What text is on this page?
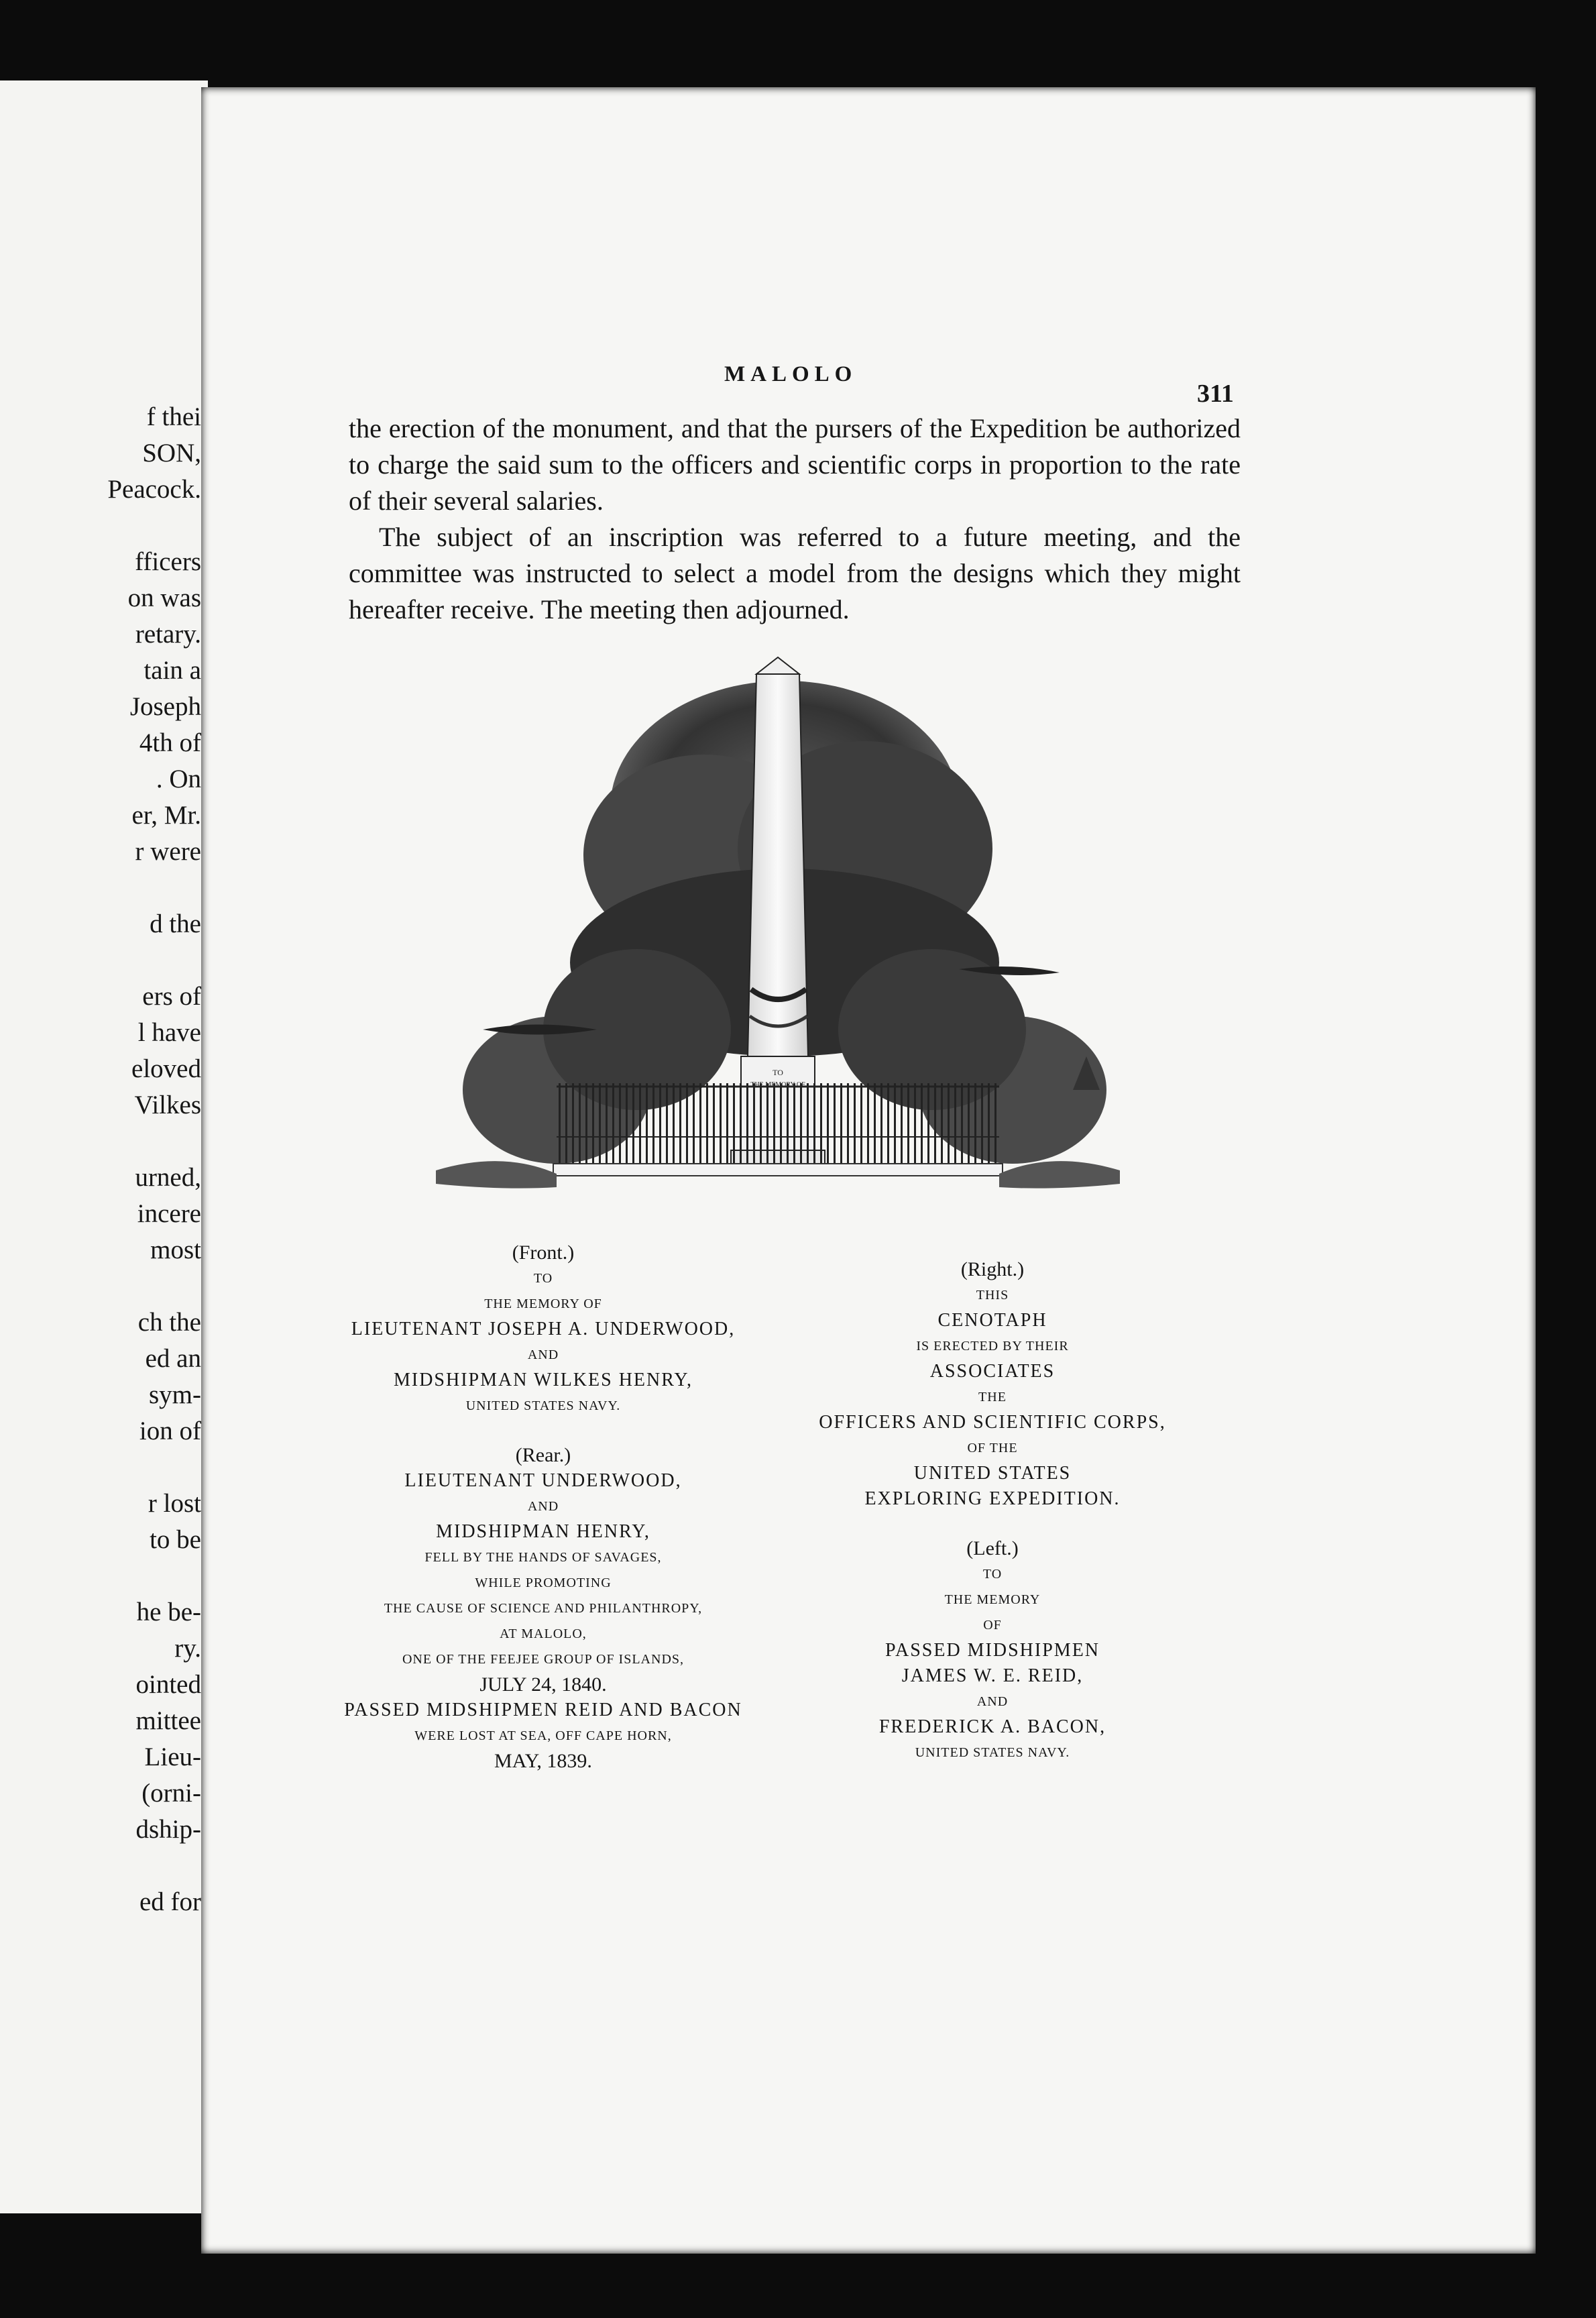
f thei
SON,
Peacock.
fficers
on was
retary.
tain a
Joseph
4th of
. On
er, Mr.
r were
d the
ers of
l have
eloved
Vilkes
urned,
incere
most
ch the
ed an
sym-
ion of
r lost
to be
he be-
ry.
ointed
mittee
Lieu-
(orni-
dship-
ed for
MALOLO
311

the erection of the monument, and that the pursers of the Expedition be authorized to charge the said sum to the officers and scientific corps in proportion to the rate of their several salaries.

The subject of an inscription was referred to a future meeting, and the committee was instructed to select a model from the designs which they might hereafter receive. The meeting then adjourned.

TO
(Front.)
TO
THE MEMORY OF
LIEUTENANT JOSEPH A. UNDERWOOD,
AND
MIDSHIPMAN WILKES HENRY,
UNITED STATES NAVY.
(Rear.)
LIEUTENANT UNDERWOOD,
AND
MIDSHIPMAN HENRY,
FELL BY THE HANDS OF SAVAGES,
WHILE PROMOTING
THE CAUSE OF SCIENCE AND PHILANTHROPY,
AT MALOLO,
ONE OF THE FEEJEE GROUP OF ISLANDS,
JULY 24, 1840.
PASSED MIDSHIPMEN REID AND BACON
WERE LOST AT SEA, OFF CAPE HORN,
MAY, 1839.
(Right.)
THIS
CENOTAPH
IS ERECTED BY THEIR
ASSOCIATES
THE
OFFICERS AND SCIENTIFIC CORPS,
OF THE
UNITED STATES
EXPLORING EXPEDITION.
(Left.)
TO
THE MEMORY
OF
PASSED MIDSHIPMEN
JAMES W. E. REID,
AND
FREDERICK A. BACON,
UNITED STATES NAVY.
